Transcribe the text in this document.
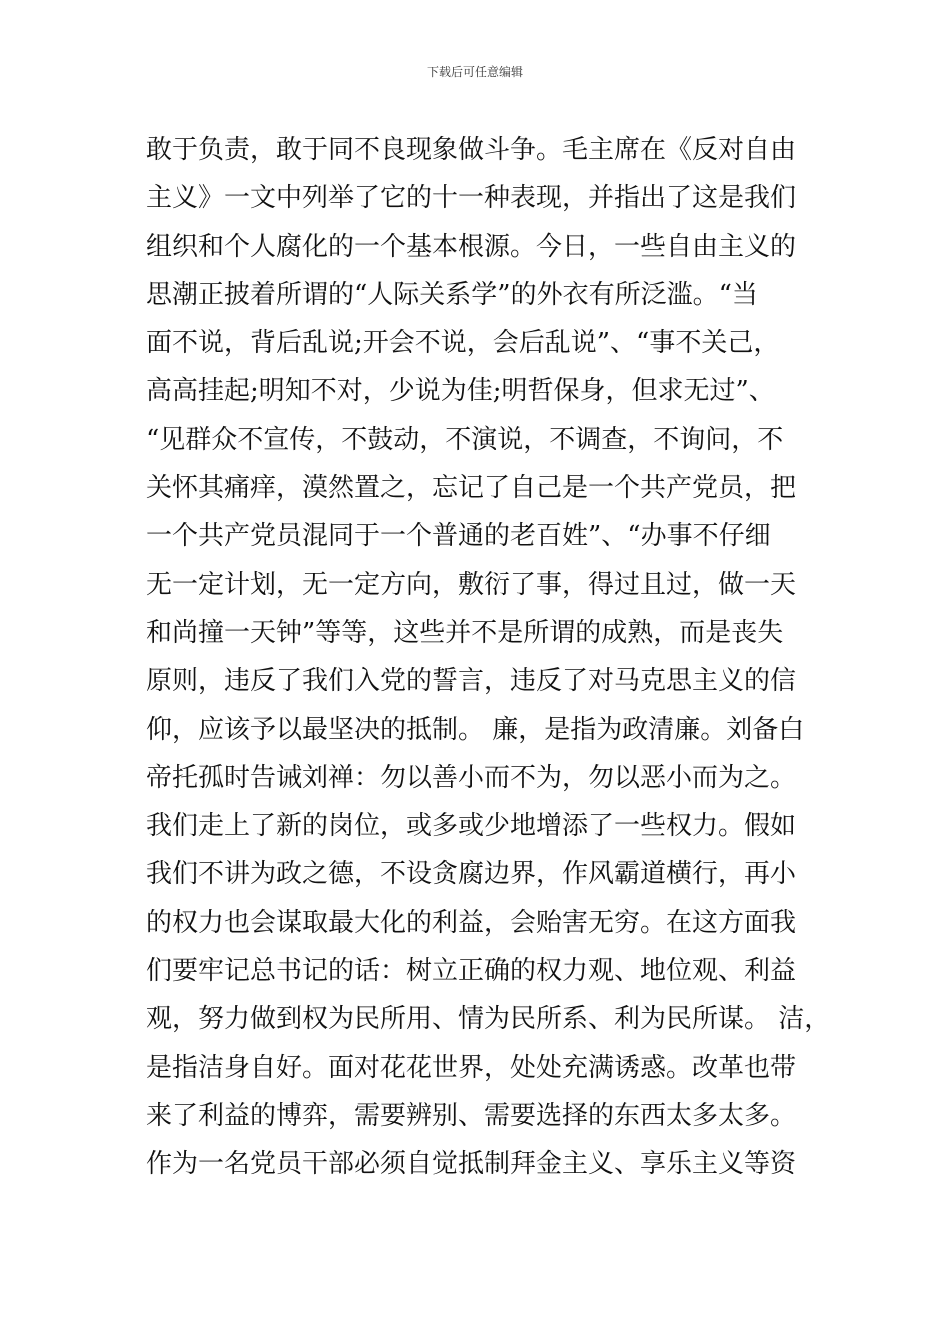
下载后可任意编辑
敢于负责，敢于同不良现象做斗争。毛主席在《反对自由
主义》一文中列举了它的十一种表现，并指出了这是我们
组织和个人腐化的一个基本根源。今日，一些自由主义的
思潮正披着所谓的“人际关系学”的外衣有所泛滥。“当
面不说，背后乱说;开会不说，会后乱说”、“事不关己，
高高挂起;明知不对，少说为佳;明哲保身，但求无过”、
“见群众不宣传，不鼓动，不演说，不调查，不询问，不
关怀其痛痒，漠然置之，忘记了自己是一个共产党员，把
一个共产党员混同于一个普通的老百姓”、“办事不仔细
无一定计划，无一定方向，敷衍了事，得过且过，做一天
和尚撞一天钟”等等，这些并不是所谓的成熟，而是丧失
原则，违反了我们入党的誓言，违反了对马克思主义的信
仰，应该予以最坚决的抵制。 廉，是指为政清廉。刘备白
帝托孤时告诫刘禅：勿以善小而不为，勿以恶小而为之。
我们走上了新的岗位，或多或少地增添了一些权力。假如
我们不讲为政之德，不设贪腐边界，作风霸道横行，再小
的权力也会谋取最大化的利益，会贻害无穷。在这方面我
们要牢记总书记的话：树立正确的权力观、地位观、利益
观，努力做到权为民所用、情为民所系、利为民所谋。 洁，
是指洁身自好。面对花花世界，处处充满诱惑。改革也带
来了利益的博弈，需要辨别、需要选择的东西太多太多。
作为一名党员干部必须自觉抵制拜金主义、享乐主义等资
